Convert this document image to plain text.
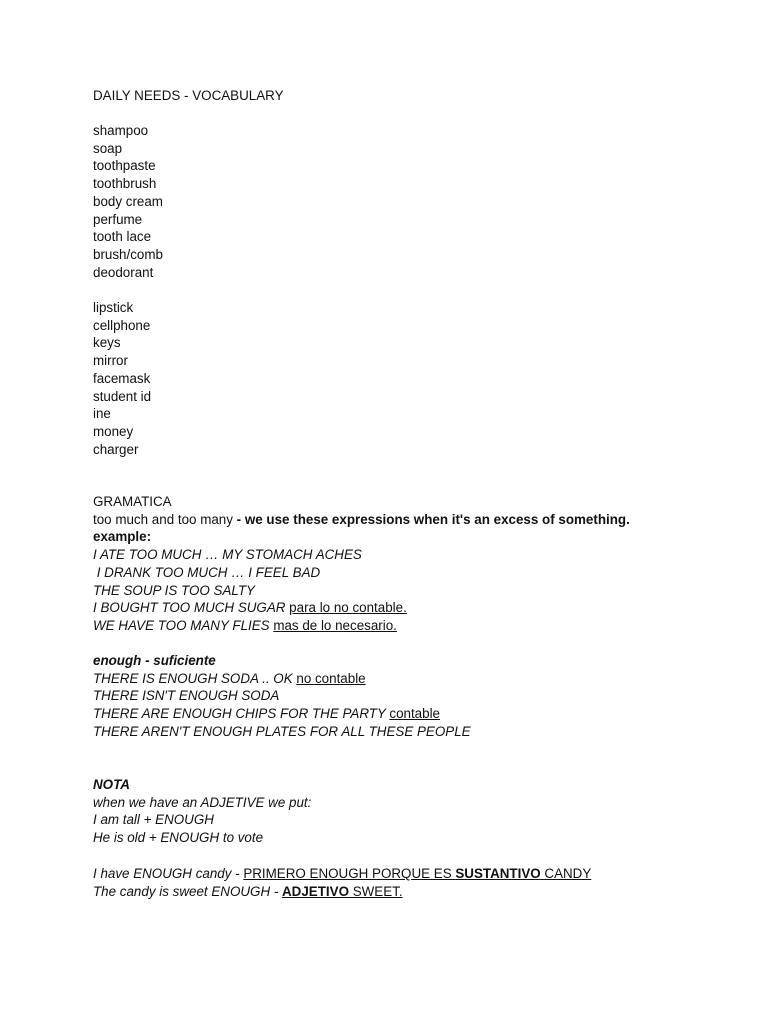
DAILY NEEDS - VOCABULARY
shampoo
soap
toothpaste
toothbrush
body cream
perfume
tooth lace
brush/comb
deodorant
lipstick
cellphone
keys
mirror
facemask
student id
ine
money
charger
GRAMATICA
too much and too many - we use these expressions when it's an excess of something.
example:
I ATE TOO MUCH … MY STOMACH ACHES
I DRANK TOO MUCH … I FEEL BAD
THE SOUP IS TOO SALTY
I BOUGHT TOO MUCH SUGAR para lo no contable.
WE HAVE TOO MANY FLIES mas de lo necesario.
enough - suficiente
THERE IS ENOUGH SODA .. OK no contable
THERE ISN'T ENOUGH SODA
THERE ARE ENOUGH CHIPS FOR THE PARTY contable
THERE AREN'T ENOUGH PLATES FOR ALL THESE PEOPLE
NOTA
when we have an ADJETIVE we put:
I am tall + ENOUGH
He is old + ENOUGH to vote
I have ENOUGH candy - PRIMERO ENOUGH PORQUE ES SUSTANTIVO CANDY
The candy is sweet ENOUGH - ADJETIVO SWEET.
